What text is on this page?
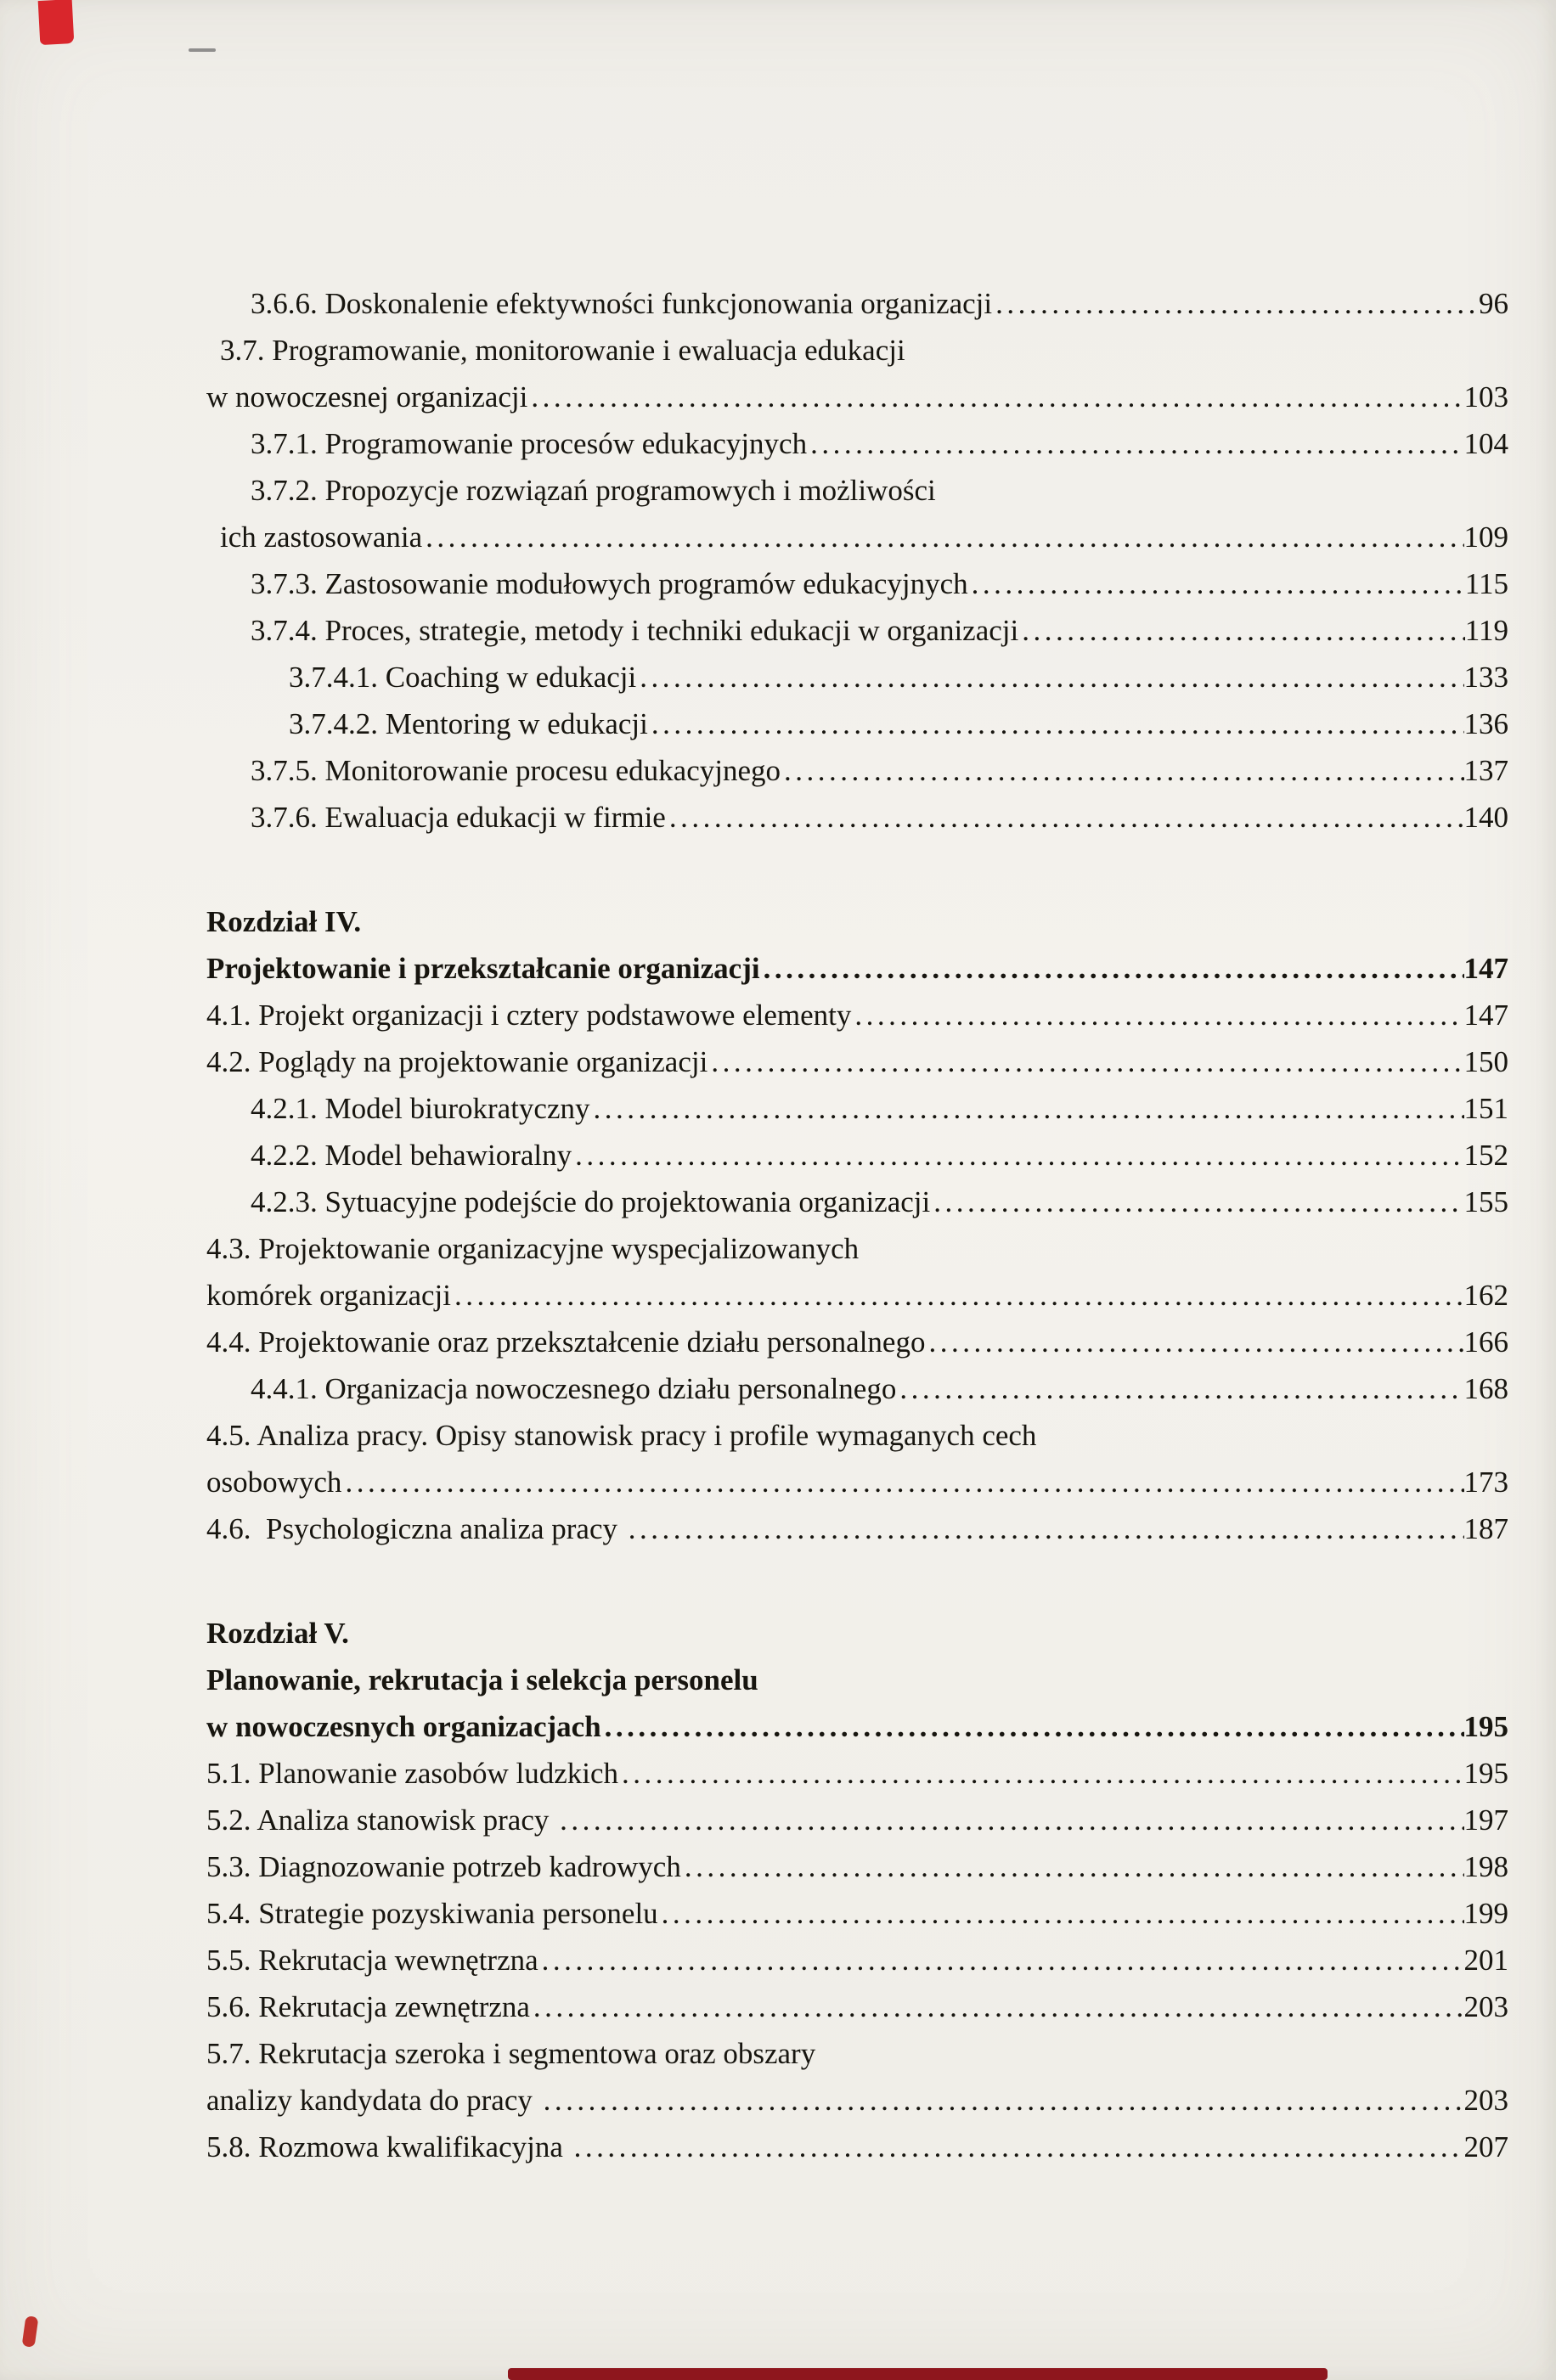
3.6.6. Doskonalenie efektywności funkcjonowania organizacji .....	96
3.7. Programowanie, monitorowanie i ewaluacja edukacji
w nowoczesnej organizacji .....	103
3.7.1. Programowanie procesów edukacyjnych .....	104
3.7.2. Propozycje rozwiązań programowych i możliwości
ich zastosowania .....	109
3.7.3. Zastosowanie modułowych programów edukacyjnych .....	115
3.7.4. Proces, strategie, metody i techniki edukacji w organizacji .....	119
3.7.4.1. Coaching w edukacji .....	133
3.7.4.2. Mentoring w edukacji .....	136
3.7.5. Monitorowanie procesu edukacyjnego .....	137
3.7.6. Ewaluacja edukacji w firmie .....	140
Rozdział IV.
Projektowanie i przekształcanie organizacji .....	147
4.1. Projekt organizacji i cztery podstawowe elementy .....	147
4.2. Poglądy na projektowanie organizacji .....	150
4.2.1. Model biurokratyczny .....	151
4.2.2. Model behawioralny .....	152
4.2.3. Sytuacyjne podejście do projektowania organizacji .....	155
4.3. Projektowanie organizacyjne wyspecjalizowanych
komórek organizacji .....	162
4.4. Projektowanie oraz przekształcenie działu personalnego .....	166
4.4.1. Organizacja nowoczesnego działu personalnego .....	168
4.5. Analiza pracy. Opisy stanowisk pracy i profile wymaganych cech
osobowych .....	173
4.6.  Psychologiczna analiza pracy .....	187
Rozdział V.
Planowanie, rekrutacja i selekcja personelu
w nowoczesnych organizacjach .....	195
5.1. Planowanie zasobów ludzkich .....	195
5.2. Analiza stanowisk pracy .....	197
5.3. Diagnozowanie potrzeb kadrowych .....	198
5.4. Strategie pozyskiwania personelu .....	199
5.5. Rekrutacja wewnętrzna .....	201
5.6. Rekrutacja zewnętrzna .....	203
5.7. Rekrutacja szeroka i segmentowa oraz obszary
analizy kandydata do pracy .....	203
5.8. Rozmowa kwalifikacyjna .....	207
